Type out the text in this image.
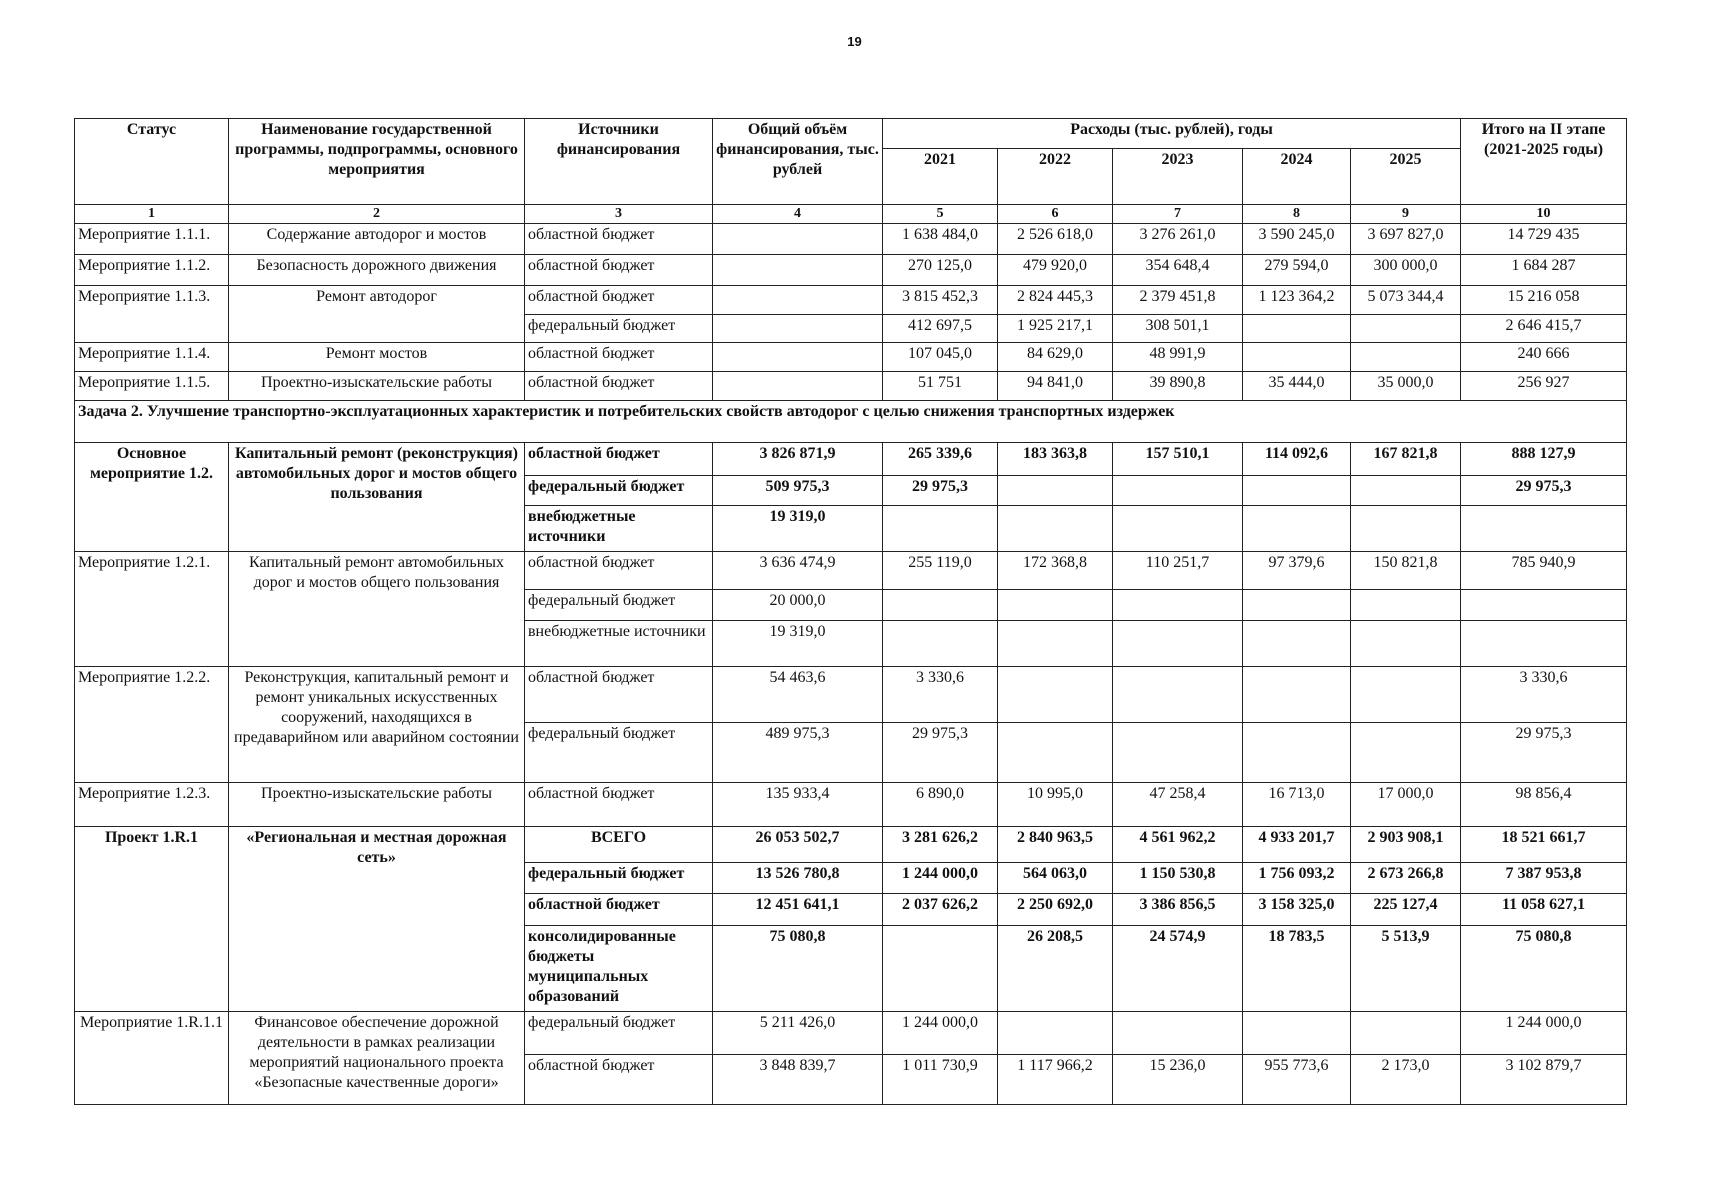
19
Статус	Наименование государственной программы, подпрограммы, основного мероприятия	Источники финансирования	Общий объём финансирования, тыс. рублей	Расходы (тыс. рублей), годы					Итого на II этапе (2021-2025 годы)
				2021	2022	2023	2024	2025	
1	2	3	4	5	6	7	8	9	10
Мероприятие 1.1.1.	Содержание автодорог и мостов	областной бюджет		1 638 484,0	2 526 618,0	3 276 261,0	3 590 245,0	3 697 827,0	14 729 435
Мероприятие 1.1.2.	Безопасность дорожного движения	областной бюджет		270 125,0	479 920,0	354 648,4	279 594,0	300 000,0	1 684 287
Мероприятие 1.1.3.	Ремонт автодорог	областной бюджет		3 815 452,3	2 824 445,3	2 379 451,8	1 123 364,2	5 073 344,4	15 216 058
		федеральный бюджет		412 697,5	1 925 217,1	308 501,1			2 646 415,7
Мероприятие 1.1.4.	Ремонт мостов	областной бюджет		107 045,0	84 629,0	48 991,9			240 666
Мероприятие 1.1.5.	Проектно-изыскательские работы	областной бюджет		51 751	94 841,0	39 890,8	35 444,0	35 000,0	256 927
Задача 2. Улучшение транспортно-эксплуатационных характеристик и потребительских свойств автодорог с целью снижения транспортных издержек									
Основное мероприятие 1.2.	Капитальный ремонт (реконструкция) автомобильных дорог и мостов общего пользования	областной бюджет	3 826 871,9	265 339,6	183 363,8	157 510,1	114 092,6	167 821,8	888 127,9
		федеральный бюджет	509 975,3	29 975,3					29 975,3
		внебюджетные источники	19 319,0						
Мероприятие 1.2.1.	Капитальный ремонт автомобильных дорог и мостов общего пользования	областной бюджет	3 636 474,9	255 119,0	172 368,8	110 251,7	97 379,6	150 821,8	785 940,9
		федеральный бюджет	20 000,0						
		внебюджетные источники	19 319,0						
Мероприятие 1.2.2.	Реконструкция, капитальный ремонт и ремонт уникальных искусственных сооружений, находящихся в предаварийном или аварийном состоянии	областной бюджет	54 463,6	3 330,6					3 330,6
		федеральный бюджет	489 975,3	29 975,3					29 975,3
Мероприятие 1.2.3.	Проектно-изыскательские работы	областной бюджет	135 933,4	6 890,0	10 995,0	47 258,4	16 713,0	17 000,0	98 856,4
Проект 1.R.1	«Региональная и местная дорожная сеть»	ВСЕГО	26 053 502,7	3 281 626,2	2 840 963,5	4 561 962,2	4 933 201,7	2 903 908,1	18 521 661,7
		федеральный бюджет	13 526 780,8	1 244 000,0	564 063,0	1 150 530,8	1 756 093,2	2 673 266,8	7 387 953,8
		областной бюджет	12 451 641,1	2 037 626,2	2 250 692,0	3 386 856,5	3 158 325,0	225 127,4	11 058 627,1
		консолидированные бюджеты муниципальных образований	75 080,8		26 208,5	24 574,9	18 783,5	5 513,9	75 080,8
Мероприятие 1.R.1.1	Финансовое обеспечение дорожной деятельности в рамках реализации мероприятий национального проекта «Безопасные качественные дороги»	федеральный бюджет	5 211 426,0	1 244 000,0					1 244 000,0
		областной бюджет	3 848 839,7	1 011 730,9	1 117 966,2	15 236,0	955 773,6	2 173,0	3 102 879,7
